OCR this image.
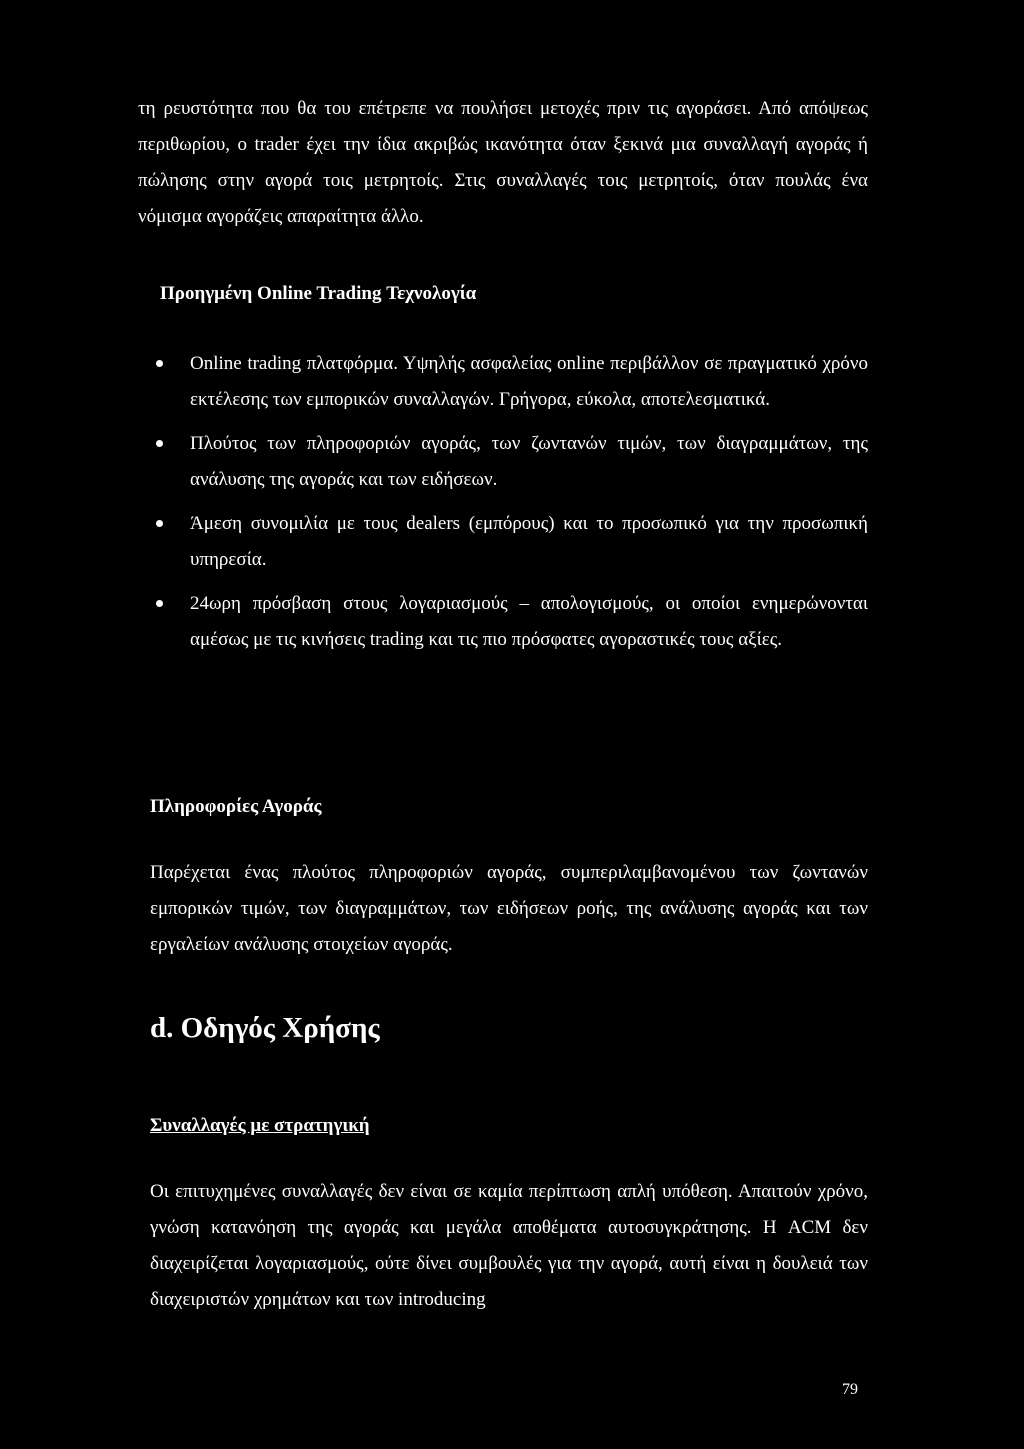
τη ρευστότητα που θα του επέτρεπε να πουλήσει μετοχές πριν τις αγοράσει. Από απόψεως περιθωρίου, ο trader έχει την ίδια ακριβώς ικανότητα όταν ξεκινά μια συναλλαγή αγοράς ή πώλησης στην αγορά τοις μετρητοίς. Στις συναλλαγές τοις μετρητοίς, όταν πουλάς ένα νόμισμα αγοράζεις απαραίτητα άλλο.

Προηγμένη Online Trading Τεχνολογία
Online trading πλατφόρμα. Υψηλής ασφαλείας online περιβάλλον σε πραγματικό χρόνο εκτέλεσης των εμπορικών συναλλαγών. Γρήγορα, εύκολα, αποτελεσματικά.
Πλούτος των πληροφοριών αγοράς, των ζωντανών τιμών, των διαγραμμάτων, της ανάλυσης της αγοράς και των ειδήσεων.
Άμεση συνομιλία με τους dealers (εμπόρους) και το προσωπικό για την προσωπική υπηρεσία.
24ωρη πρόσβαση στους λογαριασμούς – απολογισμούς, οι οποίοι ενημερώνονται αμέσως με τις κινήσεις trading και τις πιο πρόσφατες αγοραστικές τους αξίες.
Πληροφορίες Αγοράς

Παρέχεται ένας πλούτος πληροφοριών αγοράς, συμπεριλαμβανομένου των ζωντανών εμπορικών τιμών, των διαγραμμάτων, των ειδήσεων ροής, της ανάλυσης αγοράς και των εργαλείων ανάλυσης στοιχείων αγοράς.

d. Οδηγός Χρήσης
Συναλλαγές με στρατηγική

Οι επιτυχημένες συναλλαγές δεν είναι σε καμία περίπτωση απλή υπόθεση. Απαιτούν χρόνο, γνώση κατανόηση της αγοράς και μεγάλα αποθέματα αυτοσυγκράτησης. Η ACM δεν διαχειρίζεται λογαριασμούς, ούτε δίνει συμβουλές για την αγορά, αυτή είναι η δουλειά των διαχειριστών χρημάτων και των introducing

79
